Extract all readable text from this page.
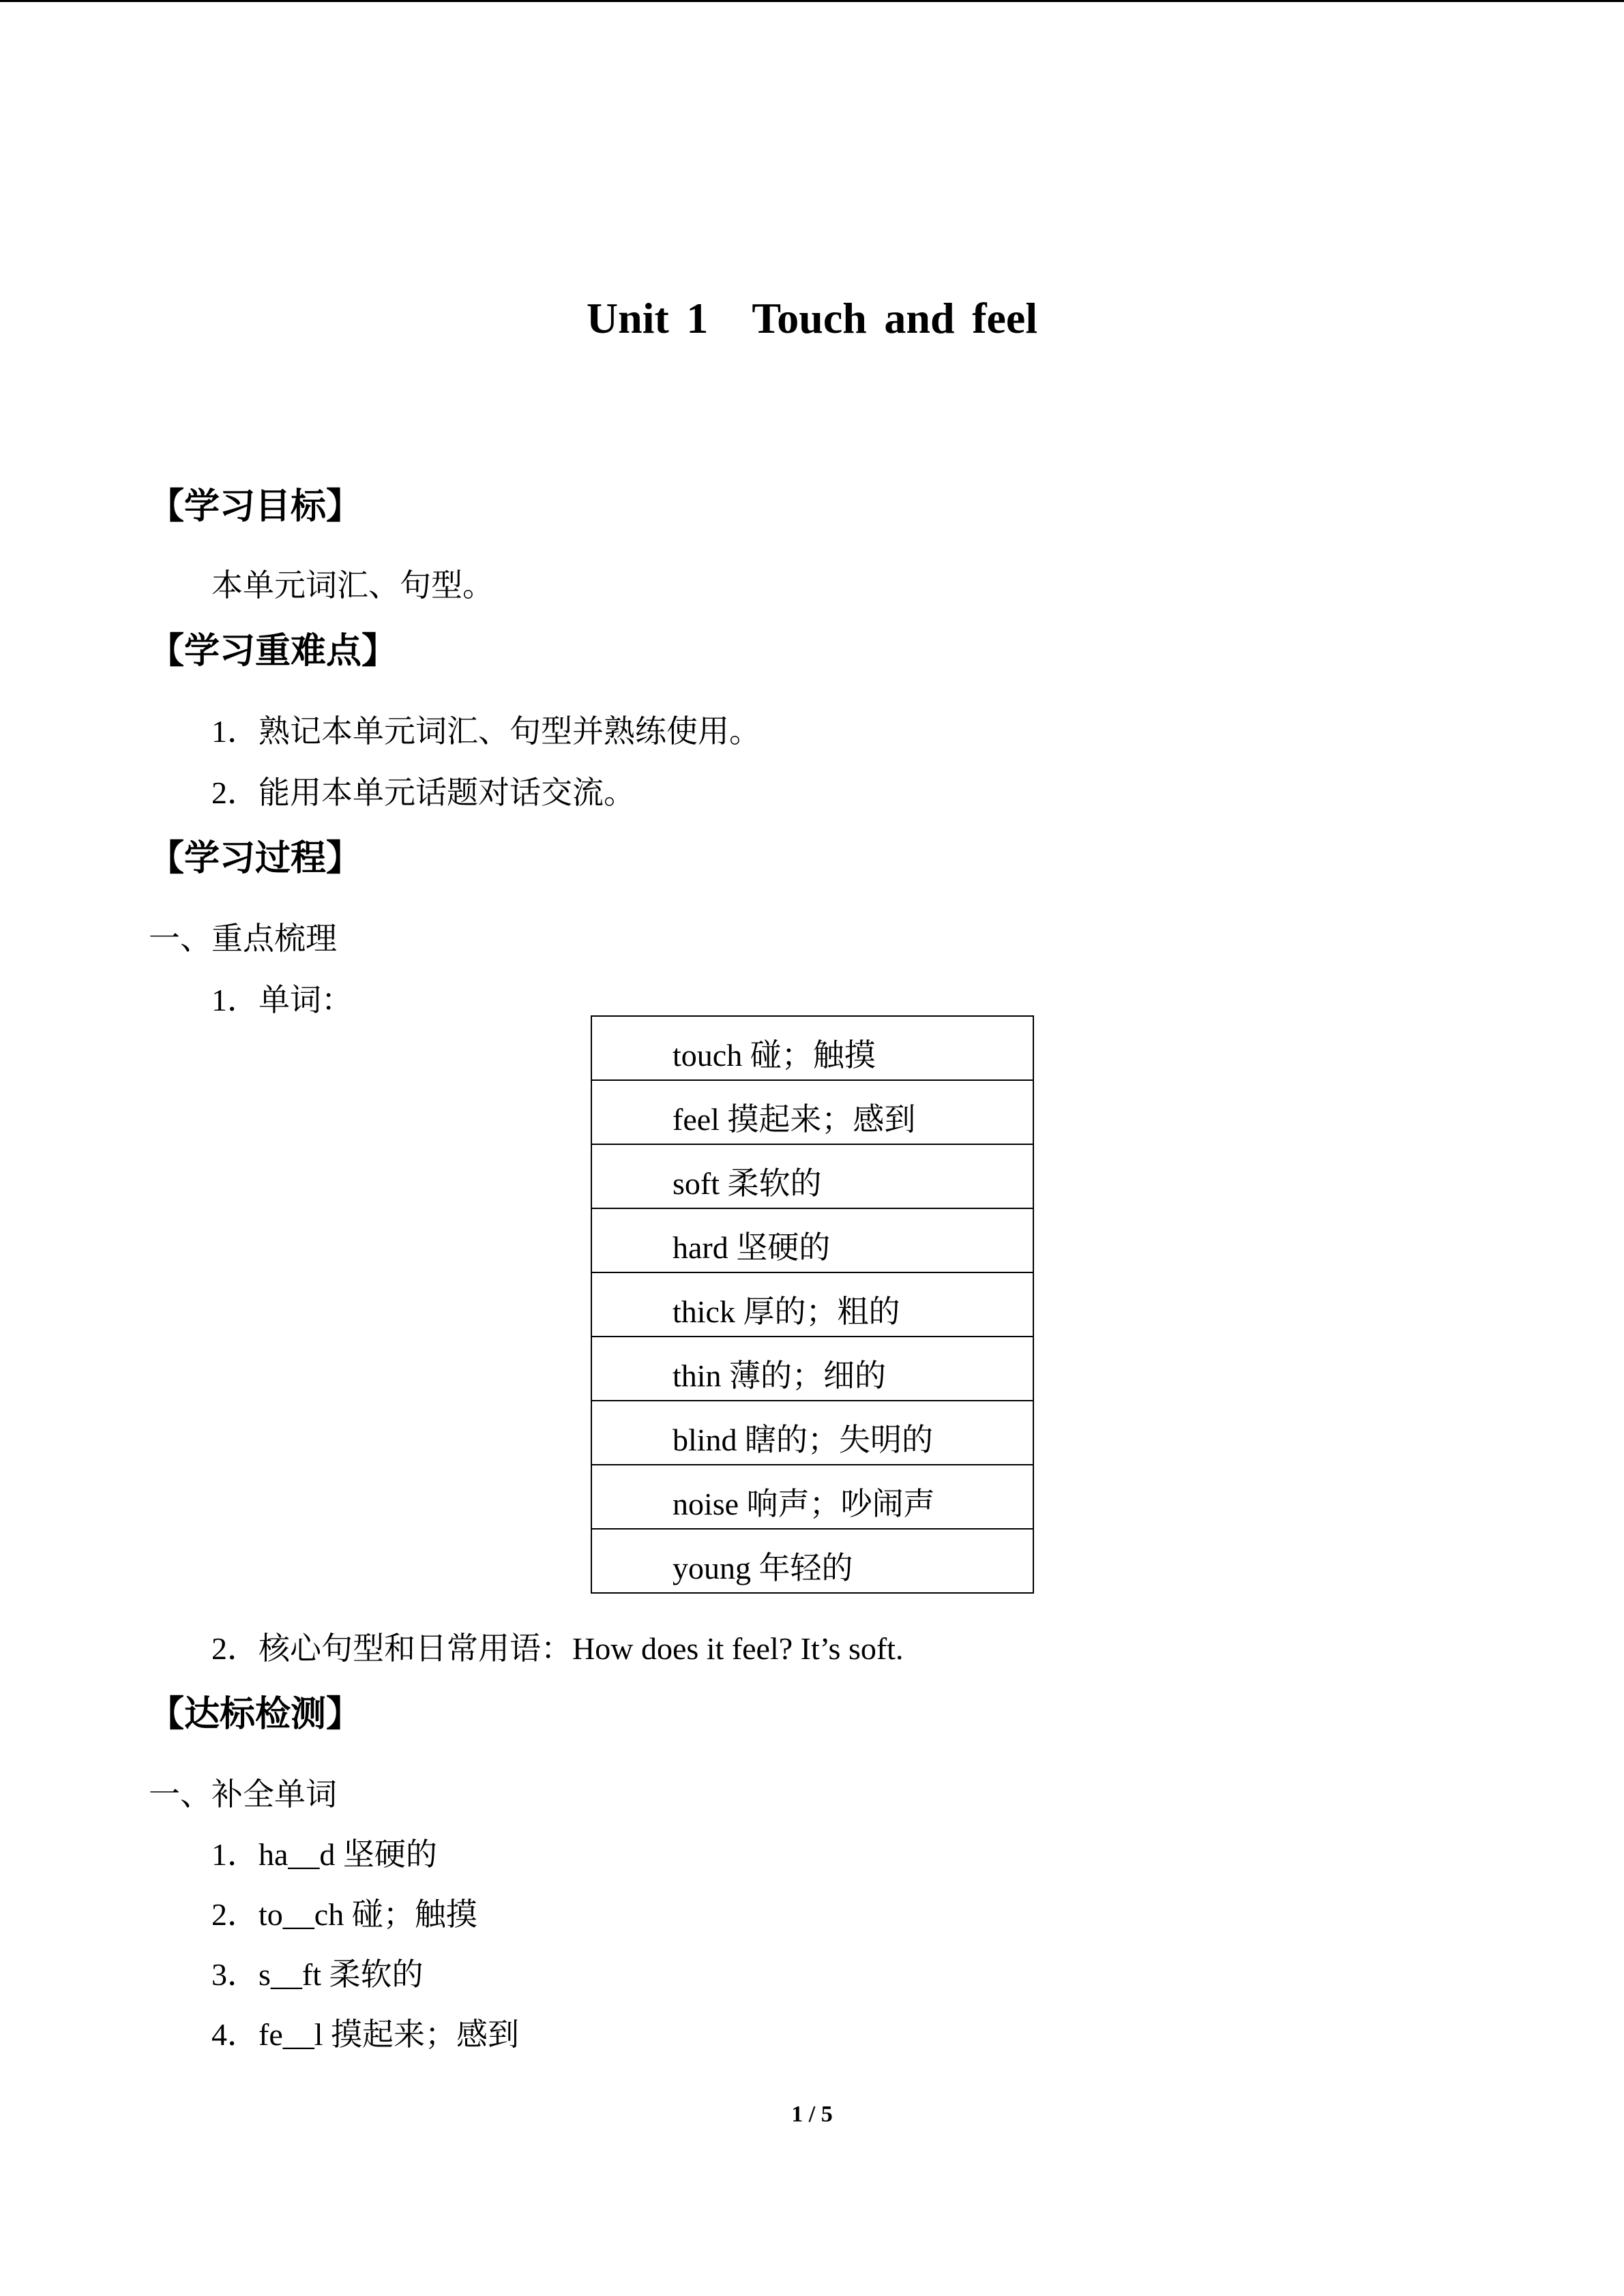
Unit 1 Touch and feel
【学习目标】
本单元词汇、句型。
【学习重难点】
1．熟记本单元词汇、句型并熟练使用。
2．能用本单元话题对话交流。
【学习过程】
一、重点梳理
1．单词：
touch 碰；触摸
feel 摸起来；感到
soft 柔软的
hard 坚硬的
thick 厚的；粗的
thin 薄的；细的
blind 瞎的；失明的
noise 响声；吵闹声
young 年轻的
2．核心句型和日常用语：How does it feel? It’s soft.
【达标检测】
一、补全单词
1．ha__d 坚硬的
2．to__ch 碰；触摸
3．s__ft 柔软的
4．fe__l 摸起来；感到
1 / 5
